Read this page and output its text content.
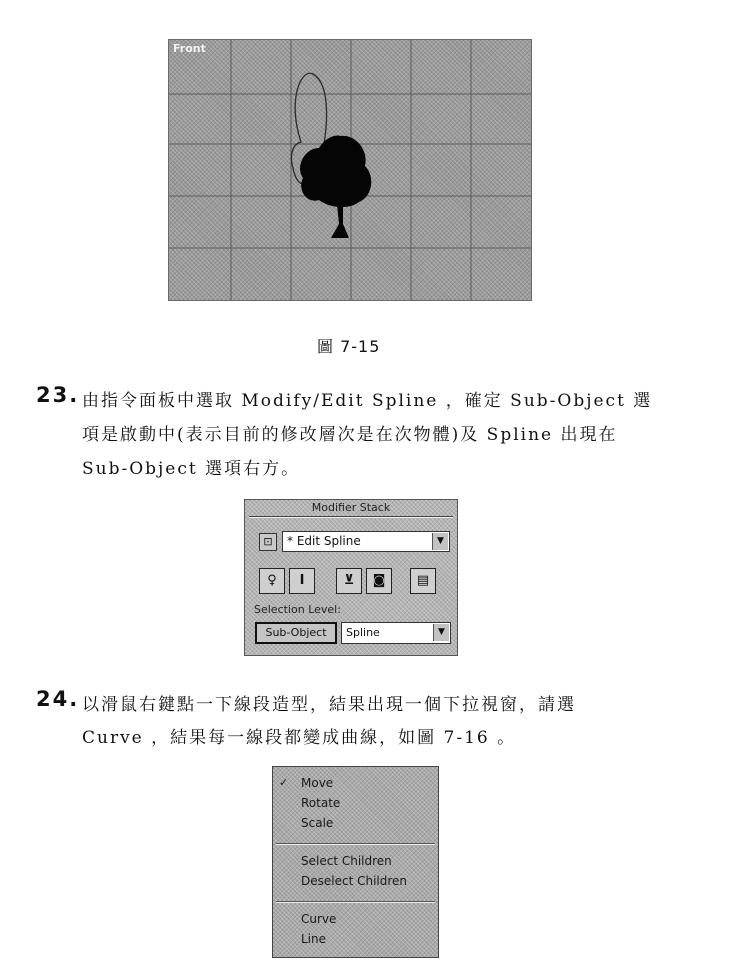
Front
圖 7-15
23. 由指令面板中選取 Modify/Edit Spline ，確定 Sub-Object 選
項是啟動中(表示目前的修改層次是在次物體)及 Spline 出現在
Sub-Object 選項右方。
Modifier Stack
⊡	* Edit Spline	▼
♀	I	⊻	◙	▤
Selection Level:
Sub-Object	Spline	▼
24. 以滑鼠右鍵點一下線段造型，結果出現一個下拉視窗，請選
Curve ，結果每一線段都變成曲線，如圖 7-16 。
✓ Move
Rotate
Scale
Select Children
Deselect Children
Curve
Line
